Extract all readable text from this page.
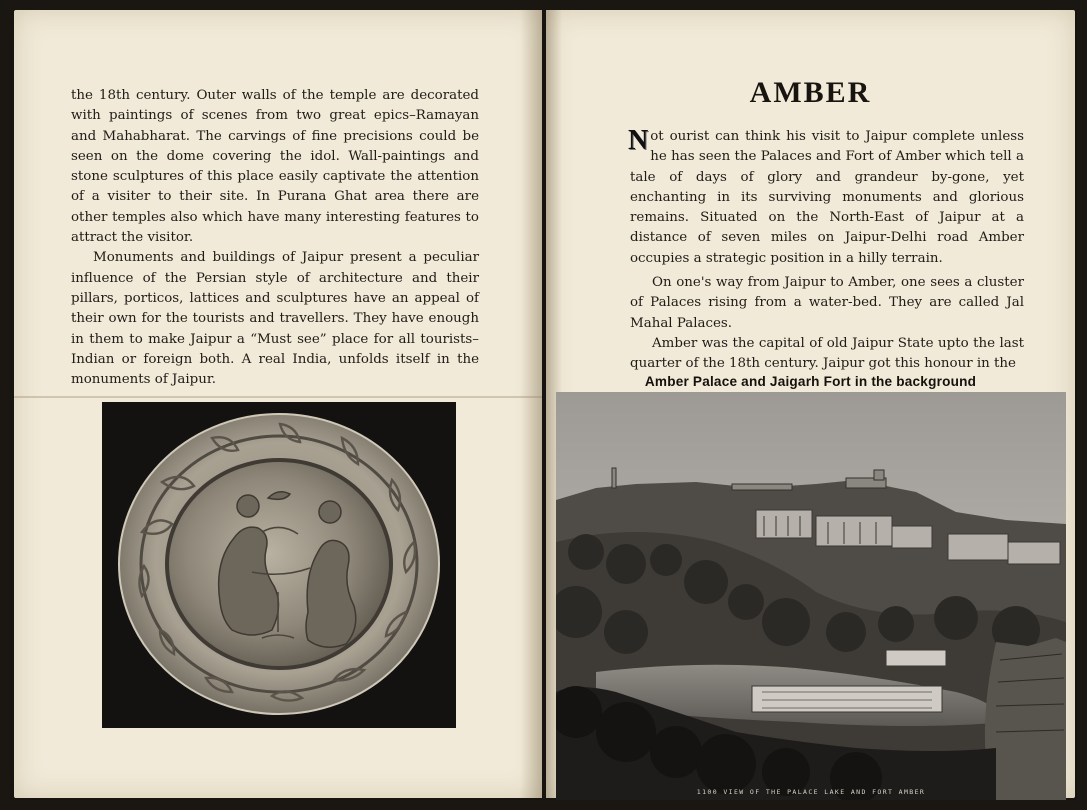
the 18th century. Outer walls of the temple are decorated with paintings of scenes from two great epics–Ramayan and Mahabharat. The carvings of fine precisions could be seen on the dome covering the idol. Wall-paintings and stone sculptures of this place easily captivate the attention of a visiter to their site. In Purana Ghat area there are other temples also which have many interesting features to attract the visitor.

Monuments and buildings of Jaipur present a peculiar influence of the Persian style of architecture and their pillars, porticos, lattices and sculptures have an appeal of their own for the tourists and travellers. They have enough in them to make Jaipur a “Must see” place for all tourists–Indian or foreign both. A real India, unfolds itself in the monuments of Jaipur.

AMBER

Not ourist can think his visit to Jaipur complete unless he has seen the Palaces and Fort of Amber which tell a tale of days of glory and grandeur by-gone, yet enchanting in its surviving monuments and glorious remains. Situated on the North-East of Jaipur at a distance of seven miles on Jaipur-Delhi road Amber occupies a strategic position in a hilly terrain.

On one's way from Jaipur to Amber, one sees a cluster of Palaces rising from a water-bed. They are called Jal Mahal Palaces.

Amber was the capital of old Jaipur State upto the last quarter of the 18th century. Jaipur got this honour in the

Amber Palace and Jaigarh Fort in the background
1100 VIEW OF THE PALACE LAKE AND FORT AMBER
